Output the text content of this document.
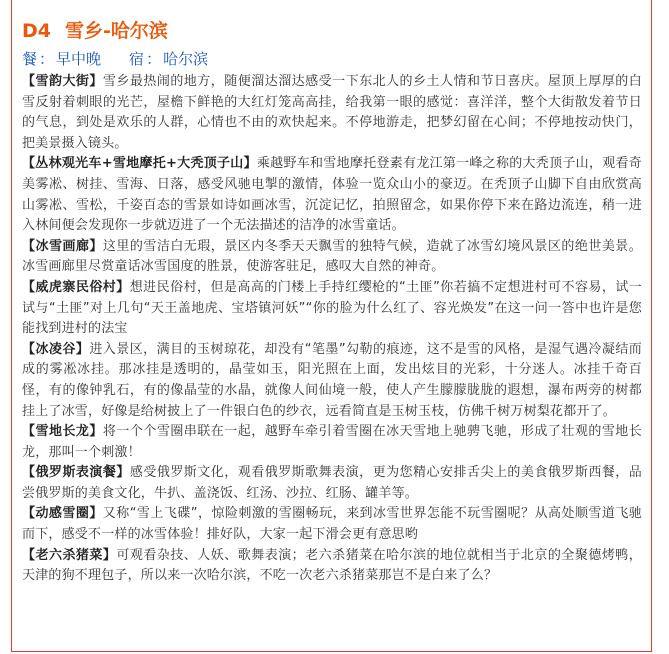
D4 雪乡-哈尔滨
餐 ： 早中晚 宿 ： 哈尔滨

【雪韵大街】雪乡最热闹的地方，随便溜达溜达感受一下东北人的乡土人情和节日喜庆。屋顶上厚厚的白雪反射着刺眼的光芒，屋檐下鲜艳的大红灯笼高高挂，给我第一眼的感觉：喜洋洋，整个大街散发着节日的气息，到处是欢乐的人群，心情也不由的欢快起来。不停地游走，把梦幻留在心间；不停地按动快门，把美景摄入镜头。

【丛林观光车+雪地摩托+大秃顶子山】乘越野车和雪地摩托登素有龙江第一峰之称的大秃顶子山，观看奇美雾凇、树挂、雪海、日落，感受风驰电掣的激情，体验一览众山小的豪迈。在秃顶子山脚下自由欣赏高山雾凇、雪松，千姿百态的雪景如诗如画冰雪，沉淀记忆，拍照留念，如果你停下来在路边流连，稍一进入林间便会发现你一步就迈进了一个无法描述的洁净的冰雪童话。

【冰雪画廊】这里的雪洁白无瑕，景区内冬季天天飘雪的独特气候，造就了冰雪幻境风景区的绝世美景。冰雪画廊里尽赏童话冰雪国度的胜景，使游客驻足，感叹大自然的神奇。

【威虎寨民俗村】想进民俗村，但是高高的门楼上手持红缨枪的“土匪”你若搞不定想进村可不容易，试一试与“土匪”对上几句“天王盖地虎、宝塔镇河妖”“你的脸为什么红了、容光焕发”在这一问一答中也许是您能找到进村的法宝

【冰凌谷】进入景区，满目的玉树琼花，却没有“笔墨”勾勒的痕迹，这不是雪的风格，是湿气遇冷凝结而成的雾凇冰挂。那冰挂是透明的，晶莹如玉，阳光照在上面，发出炫目的光彩，十分迷人。冰挂千奇百怪，有的像钟乳石，有的像晶莹的水晶，就像人间仙境一般，使人产生朦朦胧胧的遐想，瀑布两旁的树都挂上了冰雪，好像是给树披上了一件银白色的纱衣，远看简直是玉树玉枝，仿佛千树万树梨花都开了。

【雪地长龙】将一个个雪圈串联在一起，越野车牵引着雪圈在冰天雪地上驰骋飞驰，形成了壮观的雪地长龙，那叫一个刺激！

【俄罗斯表演餐】感受俄罗斯文化，观看俄罗斯歌舞表演，更为您精心安排舌尖上的美食俄罗斯西餐，品尝俄罗斯的美食文化，牛扒、盖浇饭、红汤、沙拉、红肠、罐羊等。

【动感雪圈】又称“雪上飞碟”，惊险刺激的雪圈畅玩，来到冰雪世界怎能不玩雪圈呢？从高处顺雪道飞驰而下，感受不一样的冰雪体验！排好队，大家一起下滑会更有意思哟

【老六杀猪菜】可观看杂技、人妖、歌舞表演；老六杀猪菜在哈尔滨的地位就相当于北京的全聚德烤鸭，天津的狗不理包子，所以来一次哈尔滨，不吃一次老六杀猪菜那岂不是白来了么？
